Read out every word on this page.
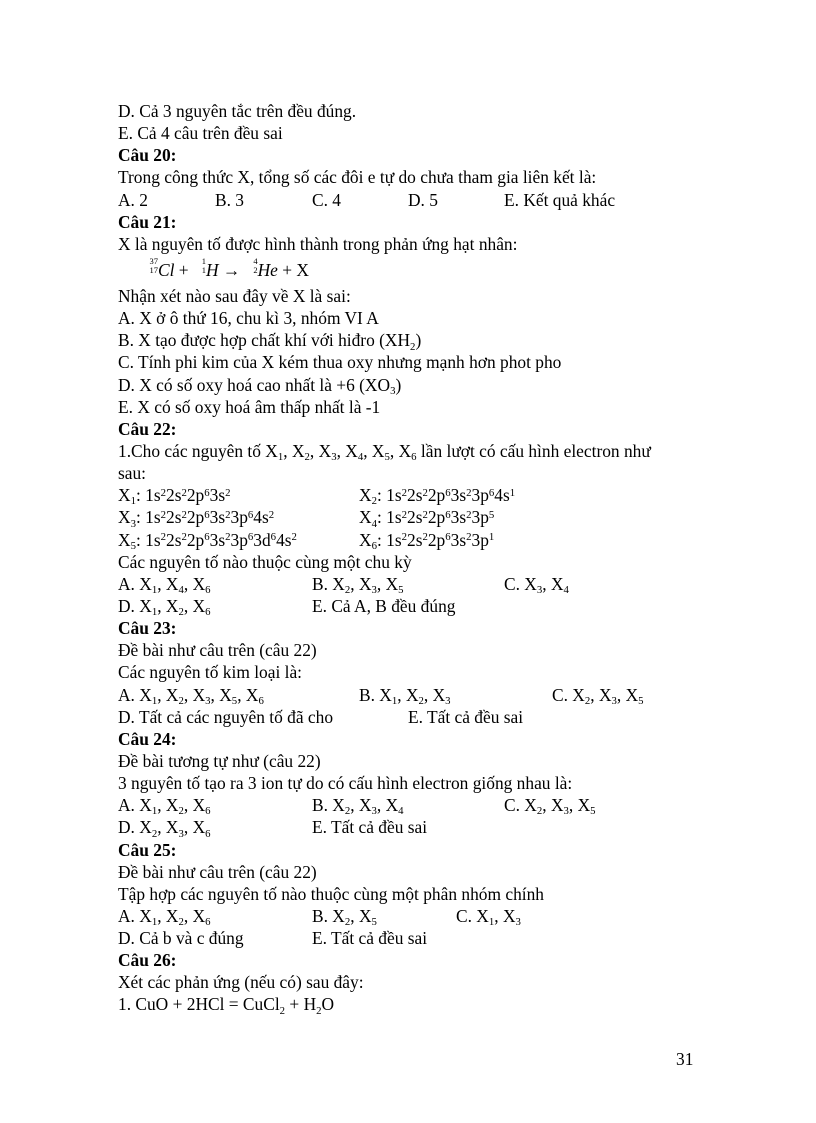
D. Cả 3 nguyên tắc trên đều đúng.
E. Cả 4 câu trên đều sai
Câu 20:
Trong công thức X, tổng số các đôi e tự do chưa tham gia liên kết là:
A. 2	B. 3	C. 4	D. 5	E. Kết quả khác
Câu 21:
X là nguyên tố được hình thành trong phản ứng hạt nhân:
37
17 Cl +	1
1 H →	4
2 He + X
Nhận xét nào sau đây về X là sai:
A. X ở ô thứ 16, chu kì 3, nhóm VI A
B. X tạo được hợp chất khí với hiđro $(XH_2)$
C. Tính phi kim của X kém thua oxy nhưng mạnh hơn phot pho
D. X có số oxy hoá cao nhất là +6 $(XO_3)$
E. X có số oxy hoá âm thấp nhất là -1
Câu 22:
1.Cho các nguyên tố $X_1$, $X_2$, $X_3$, $X_4$, $X_5$, $X_6$ lần lượt có cấu hình electron như
sau:
$X_1$: $1s^22s^22p^63s^2$	$X_2$: $1s^22s^22p^63s^23p^64s^1$
$X_3$: $1s^22s^22p^63s^23p^64s^2$	$X_4$: $1s^22s^22p^63s^23p^5$
$X_5$: $1s^22s^22p^63s^23p^63d^64s^2$	$X_6$: $1s^22s^22p^63s^23p^1$
Các nguyên tố nào thuộc cùng một chu kỳ
A. $X_1$, $X_4$, $X_6$	B. $X_2$, $X_3$, $X_5$	C. $X_3$, $X_4$
D. $X_1$, $X_2$, $X_6$	E. Cả A, B đều đúng
Câu 23:
Đề bài như câu trên (câu 22)
Các nguyên tố kim loại là:
A. $X_1$, $X_2$, $X_3$, $X_5$, $X_6$	B. $X_1$, $X_2$, $X_3$	C. $X_2$, $X_3$, $X_5$
D. Tất cả các nguyên tố đã cho	E. Tất cả đều sai
Câu 24:
Đề bài tương tự như (câu 22)
3 nguyên tố tạo ra 3 ion tự do có cấu hình electron giống nhau là:
A. $X_1$, $X_2$, $X_6$	B. $X_2$, $X_3$, $X_4$	C. $X_2$, $X_3$, $X_5$
D. $X_2$, $X_3$, $X_6$	E. Tất cả đều sai
Câu 25:
Đề bài như câu trên (câu 22)
Tập hợp các nguyên tố nào thuộc cùng một phân nhóm chính
A. $X_1$, $X_2$, $X_6$	B. $X_2$, $X_5$	C. $X_1$, $X_3$
D. Cả b và c đúng	E. Tất cả đều sai
Câu 26:
Xét các phản ứng (nếu có) sau đây:
1. CuO + 2HCl = CuCl$_2$ + $H_2O$
31
